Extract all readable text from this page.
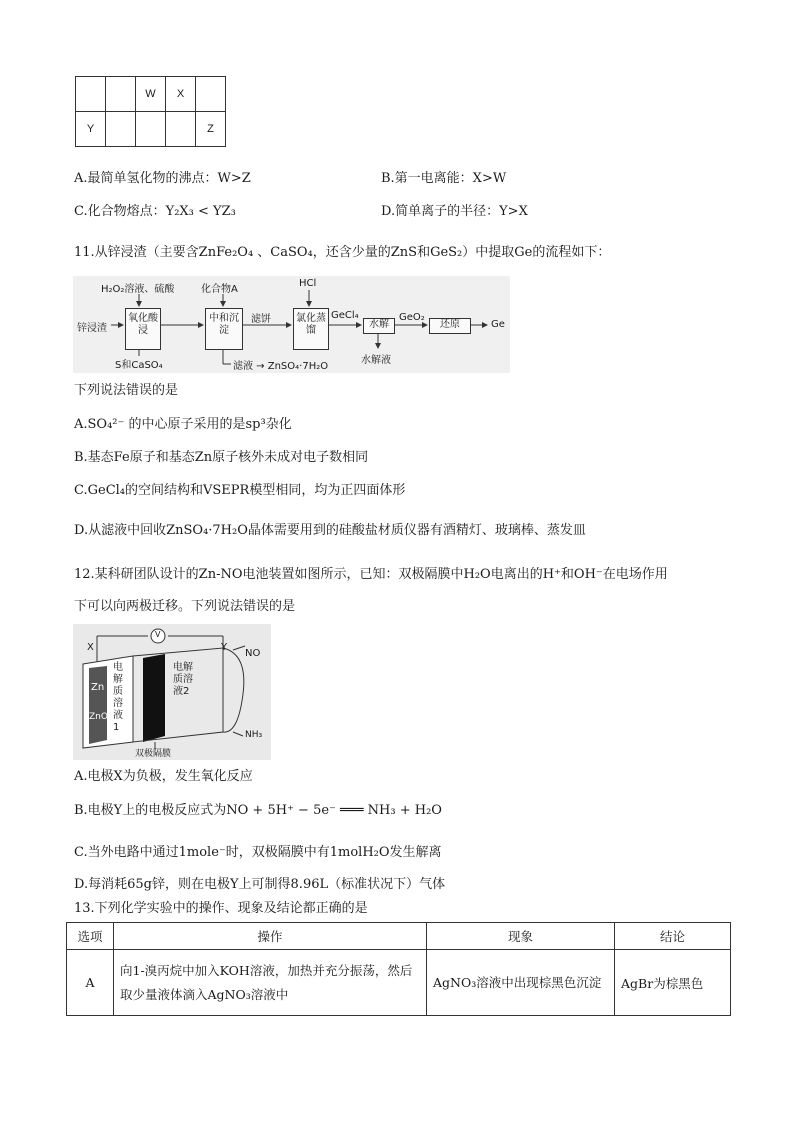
		W	X	
Y				Z
A.最简单氢化物的沸点：W>Z	B.第一电离能：X>W
C.化合物熔点：Y₂X₃ < YZ₃	D.简单离子的半径：Y>X
11.从锌浸渣（主要含ZnFe₂O₄ 、CaSO₄，还含少量的ZnS和GeS₂）中提取Ge的流程如下：
H₂O₂溶液、硫酸	化合物A
HCl
锌浸渣
氧化酸浸
中和沉淀
滤饼	氯化蒸馏
GeCl₄
水解
GeO₂
还原	Ge
S和CaSO₄	滤液 → ZnSO₄·7H₂O
水解液
下列说法错误的是
A.SO₄²⁻ 的中心原子采用的是sp³杂化
B.基态Fe原子和基态Zn原子核外未成对电子数相同
C.GeCl₄的空间结构和VSEPR模型相同，均为正四面体形
D.从滤液中回收ZnSO₄·7H₂O晶体需要用到的硅酸盐材质仪器有酒精灯、玻璃棒、蒸发皿
12.某科研团队设计的Zn-NO电池装置如图所示，已知：双极隔膜中H₂O电离出的H⁺和OH⁻在电场作用
下可以向两极迁移。下列说法错误的是
X	Y
V
NO
NH₃
Zn
ZnO
电解质溶液1
电解质溶液2
双极隔膜
A.电极X为负极，发生氧化反应
B.电极Y上的电极反应式为NO + 5H⁺ − 5e⁻ ═══ NH₃ + H₂O
C.当外电路中通过1mole⁻时，双极隔膜中有1molH₂O发生解离
D.每消耗65g锌，则在电极Y上可制得8.96L（标准状况下）气体
13.下列化学实验中的操作、现象及结论都正确的是
选项	操作	现象	结论
A	向1-溴丙烷中加入KOH溶液，加热并充分振荡，然后取少量液体滴入AgNO₃溶液中	AgNO₃溶液中出现棕黑色沉淀	AgBr为棕黑色
